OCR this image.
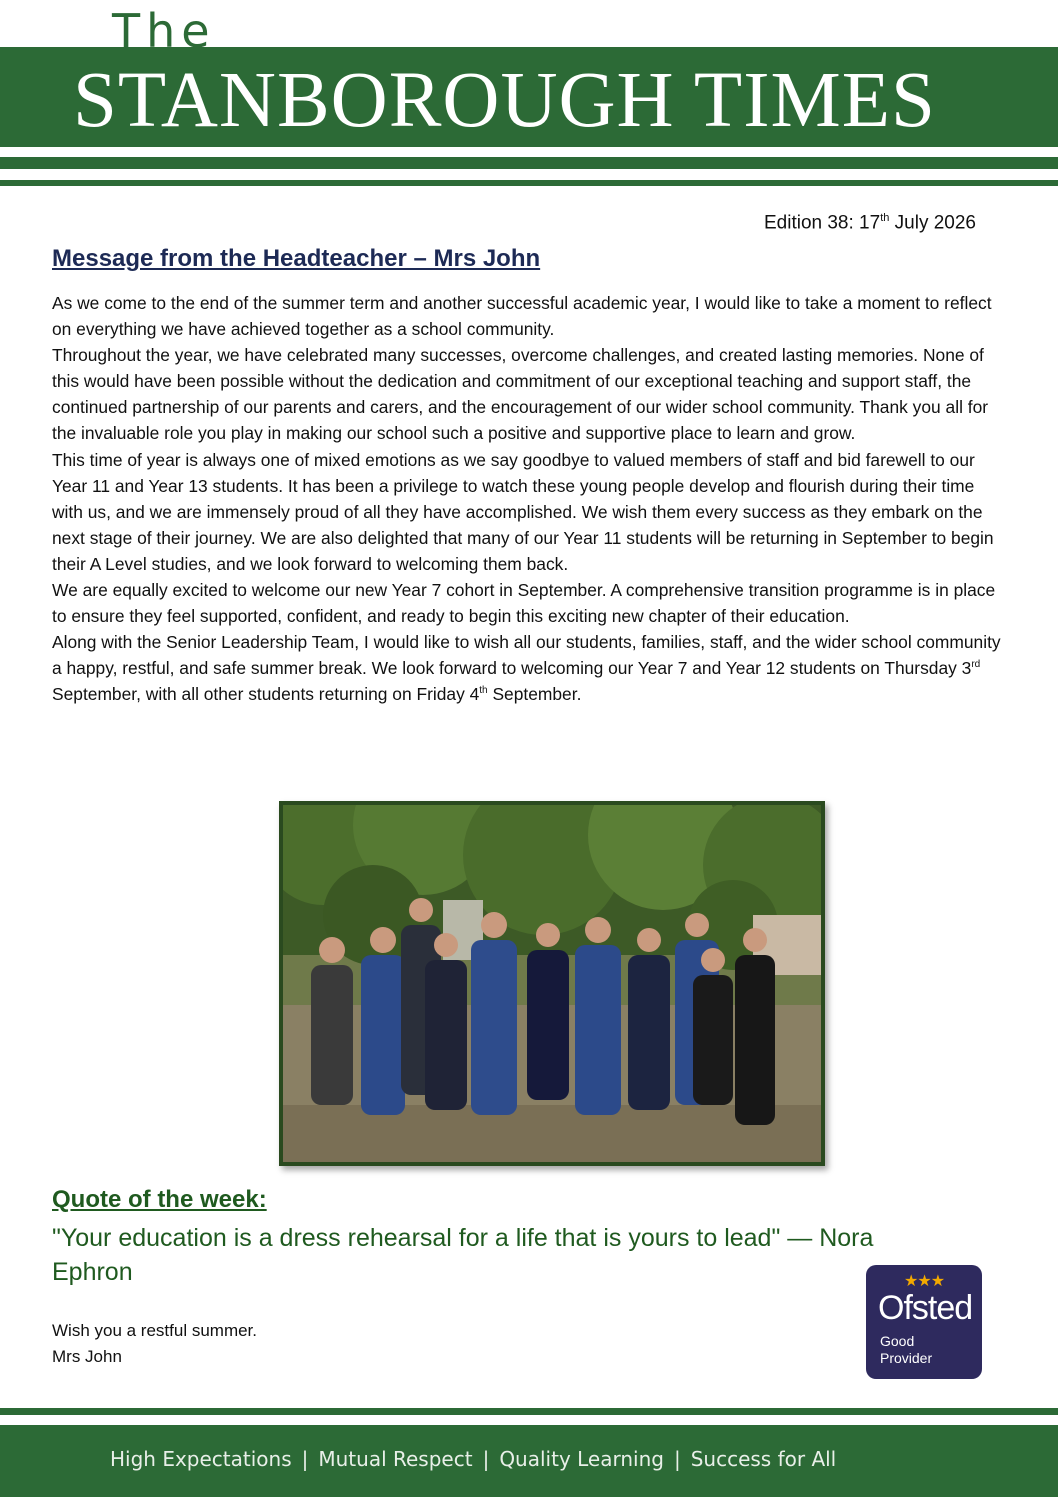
The
STANBOROUGH TIMES
Edition 38: 17th July 2026
Message from the Headteacher – Mrs John

As we come to the end of the summer term and another successful academic year, I would like to take a moment to reflect on everything we have achieved together as a school community.

Throughout the year, we have celebrated many successes, overcome challenges, and created lasting memories. None of this would have been possible without the dedication and commitment of our exceptional teaching and support staff, the continued partnership of our parents and carers, and the encouragement of our wider school community. Thank you all for the invaluable role you play in making our school such a positive and supportive place to learn and grow.

This time of year is always one of mixed emotions as we say goodbye to valued members of staff and bid farewell to our Year 11 and Year 13 students. It has been a privilege to watch these young people develop and flourish during their time with us, and we are immensely proud of all they have accomplished. We wish them every success as they embark on the next stage of their journey. We are also delighted that many of our Year 11 students will be returning in September to begin their A Level studies, and we look forward to welcoming them back.

We are equally excited to welcome our new Year 7 cohort in September. A comprehensive transition programme is in place to ensure they feel supported, confident, and ready to begin this exciting new chapter of their education.

Along with the Senior Leadership Team, I would like to wish all our students, families, staff, and the wider school community a happy, restful, and safe summer break. We look forward to welcoming our Year 7 and Year 12 students on Thursday 3rd September, with all other students returning on Friday 4th September.

Quote of the week:
"Your education is a dress rehearsal for a life that is yours to lead" — Nora Ephron

Wish you a restful summer.

Mrs John

★★★
Ofsted
Good
Provider
High Expectations | Mutual Respect | Quality Learning | Success for All
